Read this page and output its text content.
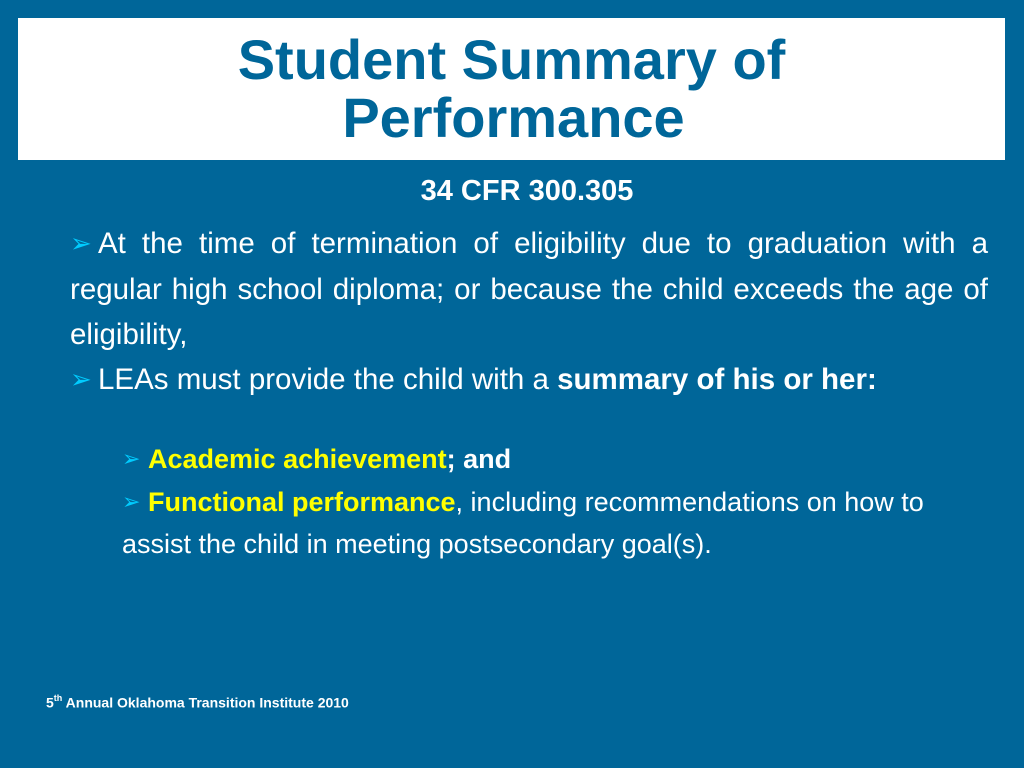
Student Summary of
Performance
34 CFR 300.305

➢ At the time of termination of eligibility due to graduation with a regular high school diploma; or because the child exceeds the age of eligibility,

➢ LEAs must provide the child with a summary of his or her:

➢ Academic achievement; and
➢ Functional performance, including recommendations on how to assist the child in meeting postsecondary goal(s).
5th Annual Oklahoma Transition Institute 2010
